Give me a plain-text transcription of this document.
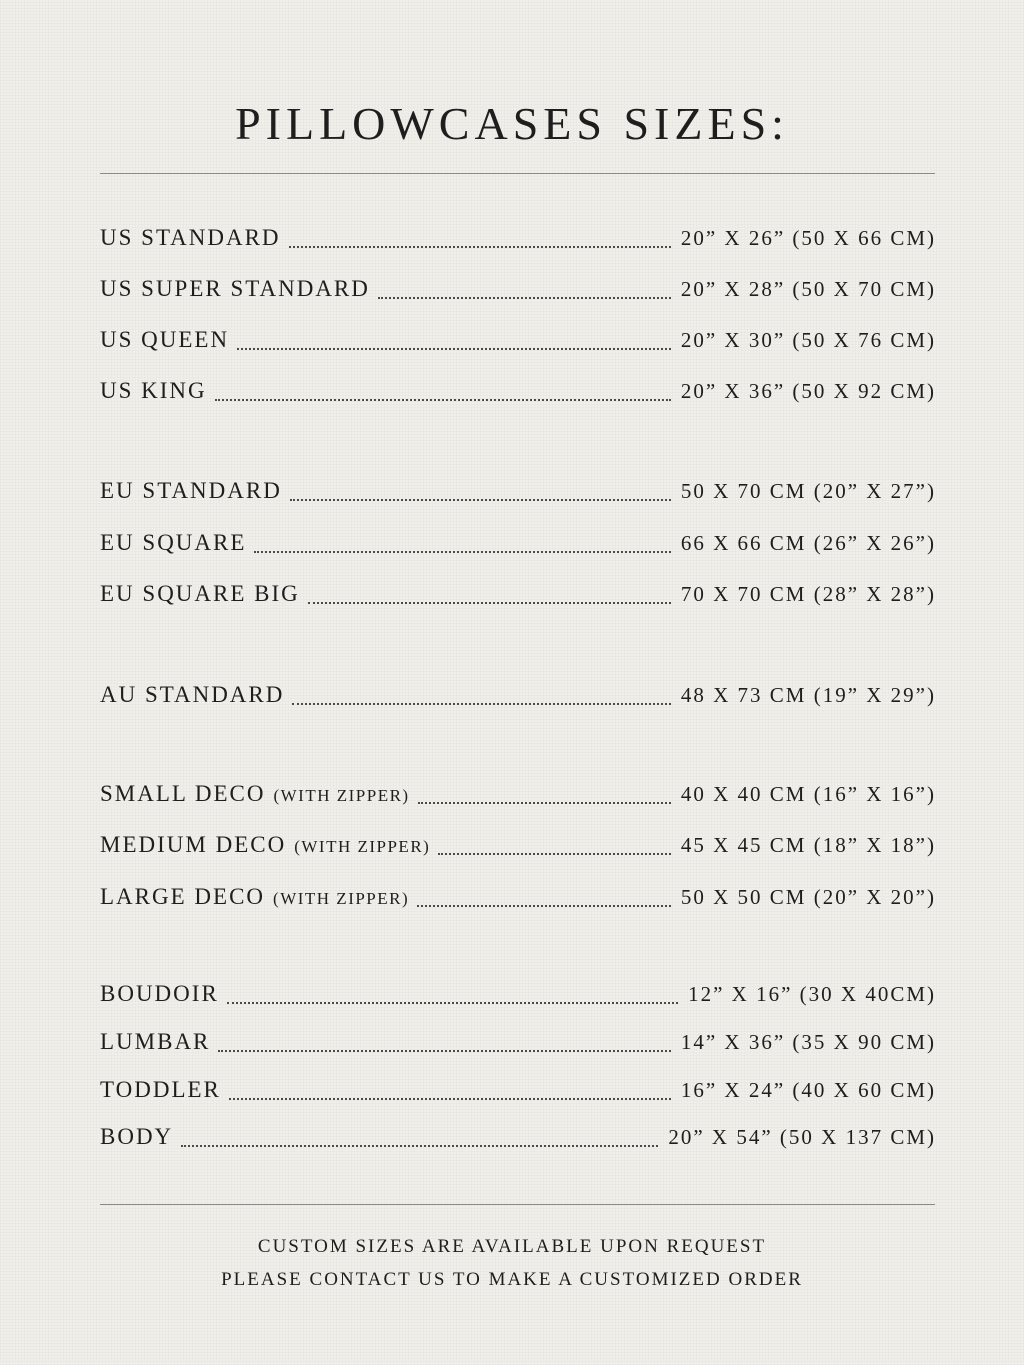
PILLOWCASES SIZES:
US STANDARD	20” X 26” (50 X 66 CM)
US SUPER STANDARD	20” X 28” (50 X 70 CM)
US QUEEN	20” X 30” (50 X 76 CM)
US KING	20” X 36” (50 X 92 CM)
EU STANDARD	50 X 70 CM (20” X 27”)
EU SQUARE	66 X 66 CM (26” X 26”)
EU SQUARE BIG	70 X 70 CM (28” X 28”)
AU STANDARD	48 X 73 CM (19” X 29”)
SMALL DECO (WITH ZIPPER)	40 X 40 CM (16” X 16”)
MEDIUM DECO (WITH ZIPPER)	45 X 45 CM (18” X 18”)
LARGE DECO (WITH ZIPPER)	50 X 50 CM (20” X 20”)
BOUDOIR	12” X 16” (30 X 40CM)
LUMBAR	14” X 36” (35 X 90 CM)
TODDLER	16” X 24” (40 X 60 CM)
BODY	20” X 54” (50 X 137 CM)
CUSTOM SIZES ARE AVAILABLE UPON REQUEST
PLEASE CONTACT US TO MAKE A CUSTOMIZED ORDER
